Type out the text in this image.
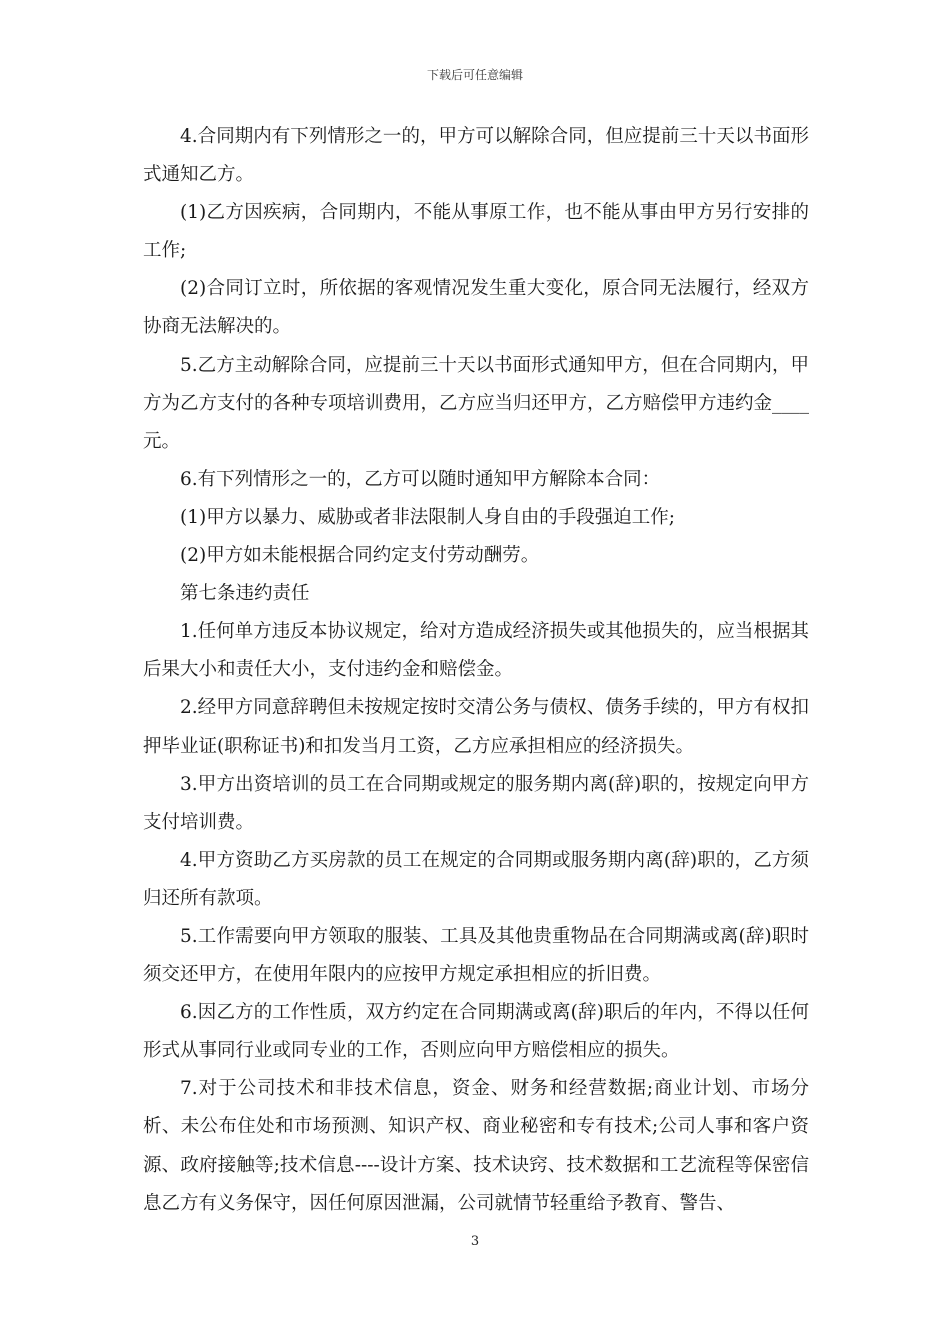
下载后可任意编辑

4.合同期内有下列情形之一的，甲方可以解除合同，但应提前三十天以书面形式通知乙方。

(1)乙方因疾病，合同期内，不能从事原工作，也不能从事由甲方另行安排的工作;

(2)合同订立时，所依据的客观情况发生重大变化，原合同无法履行，经双方协商无法解决的。

5.乙方主动解除合同，应提前三十天以书面形式通知甲方，但在合同期内，甲方为乙方支付的各种专项培训费用，乙方应当归还甲方，乙方赔偿甲方违约金____元。

6.有下列情形之一的，乙方可以随时通知甲方解除本合同：

(1)甲方以暴力、威胁或者非法限制人身自由的手段强迫工作;

(2)甲方如未能根据合同约定支付劳动酬劳。

第七条违约责任

1.任何单方违反本协议规定，给对方造成经济损失或其他损失的，应当根据其后果大小和责任大小，支付违约金和赔偿金。

2.经甲方同意辞聘但未按规定按时交清公务与债权、债务手续的，甲方有权扣押毕业证(职称证书)和扣发当月工资，乙方应承担相应的经济损失。

3.甲方出资培训的员工在合同期或规定的服务期内离(辞)职的，按规定向甲方支付培训费。

4.甲方资助乙方买房款的员工在规定的合同期或服务期内离(辞)职的，乙方须归还所有款项。

5.工作需要向甲方领取的服装、工具及其他贵重物品在合同期满或离(辞)职时须交还甲方，在使用年限内的应按甲方规定承担相应的折旧费。

6.因乙方的工作性质，双方约定在合同期满或离(辞)职后的年内，不得以任何形式从事同行业或同专业的工作，否则应向甲方赔偿相应的损失。

7.对于公司技术和非技术信息，资金、财务和经营数据;商业计划、市场分析、未公布住处和市场预测、知识产权、商业秘密和专有技术;公司人事和客户资源、政府接触等;技术信息----设计方案、技术诀窍、技术数据和工艺流程等保密信息乙方有义务保守，因任何原因泄漏，公司就情节轻重给予教育、警告、

3
